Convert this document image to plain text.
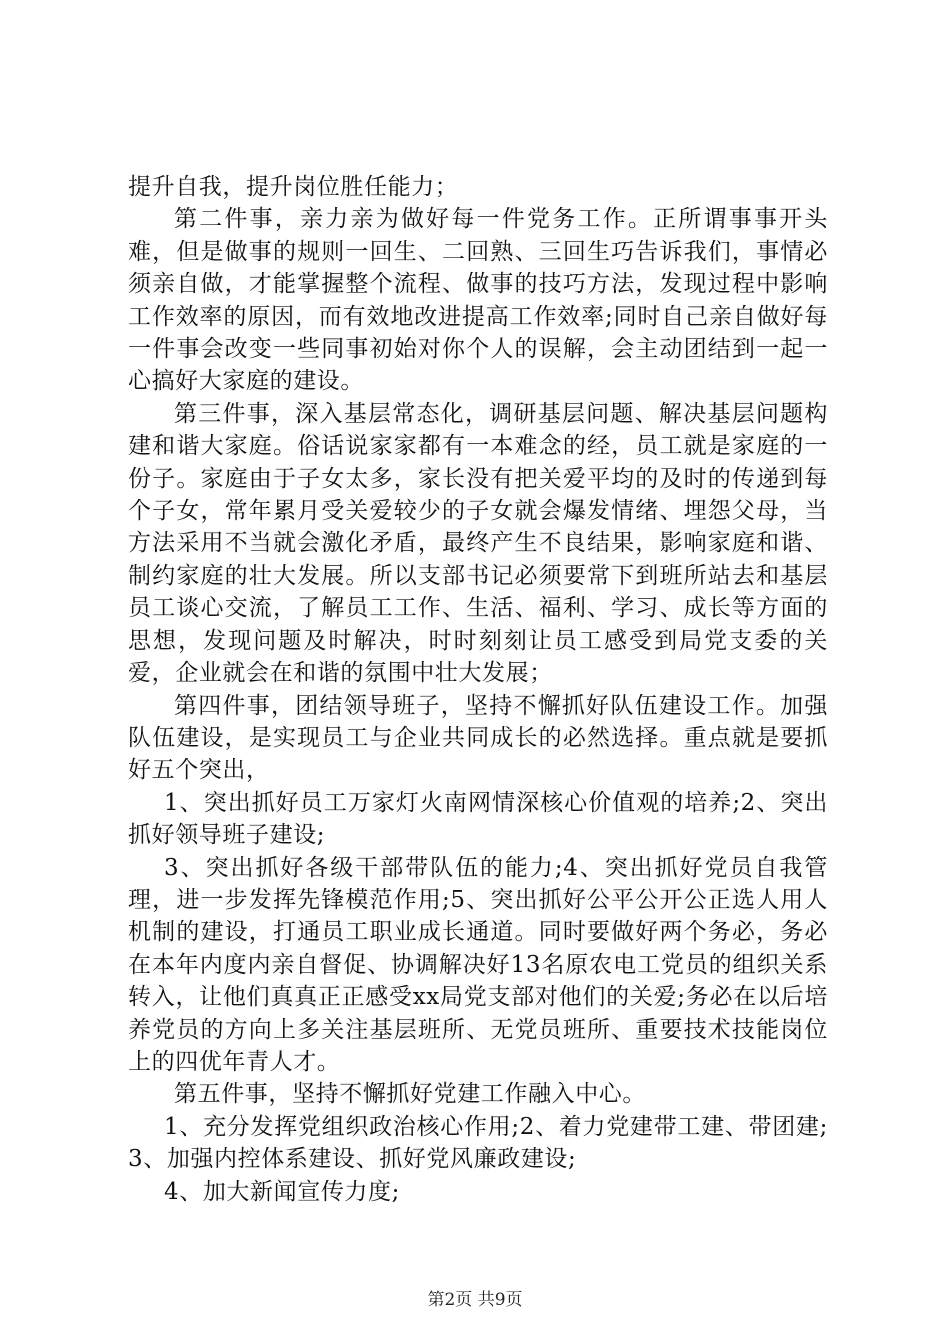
提升自我，提升岗位胜任能力；

第二件事，亲力亲为做好每一件党务工作。正所谓事事开头难，但是做事的规则一回生、二回熟、三回生巧告诉我们，事情必须亲自做，才能掌握整个流程、做事的技巧方法，发现过程中影响工作效率的原因，而有效地改进提高工作效率;同时自己亲自做好每一件事会改变一些同事初始对你个人的误解，会主动团结到一起一心搞好大家庭的建设。

第三件事，深入基层常态化，调研基层问题、解决基层问题构建和谐大家庭。俗话说家家都有一本难念的经，员工就是家庭的一份子。家庭由于子女太多，家长没有把关爱平均的及时的传递到每个子女，常年累月受关爱较少的子女就会爆发情绪、埋怨父母，当方法采用不当就会激化矛盾，最终产生不良结果，影响家庭和谐、制约家庭的壮大发展。所以支部书记必须要常下到班所站去和基层员工谈心交流，了解员工工作、生活、福利、学习、成长等方面的思想，发现问题及时解决，时时刻刻让员工感受到局党支委的关爱，企业就会在和谐的氛围中壮大发展；

第四件事，团结领导班子，坚持不懈抓好队伍建设工作。加强队伍建设，是实现员工与企业共同成长的必然选择。重点就是要抓好五个突出，

1、突出抓好员工万家灯火南网情深核心价值观的培养;2、突出抓好领导班子建设;

3、突出抓好各级干部带队伍的能力;4、突出抓好党员自我管理，进一步发挥先锋模范作用;5、突出抓好公平公开公正选人用人机制的建设，打通员工职业成长通道。同时要做好两个务必，务必在本年内度内亲自督促、协调解决好13名原农电工党员的组织关系转入，让他们真真正正感受xx局党支部对他们的关爱;务必在以后培养党员的方向上多关注基层班所、无党员班所、重要技术技能岗位上的四优年青人才。

第五件事，坚持不懈抓好党建工作融入中心。

1、充分发挥党组织政治核心作用;2、着力党建带工建、带团建;3、加强内控体系建设、抓好党风廉政建设;

4、加大新闻宣传力度;

第2页 共9页
